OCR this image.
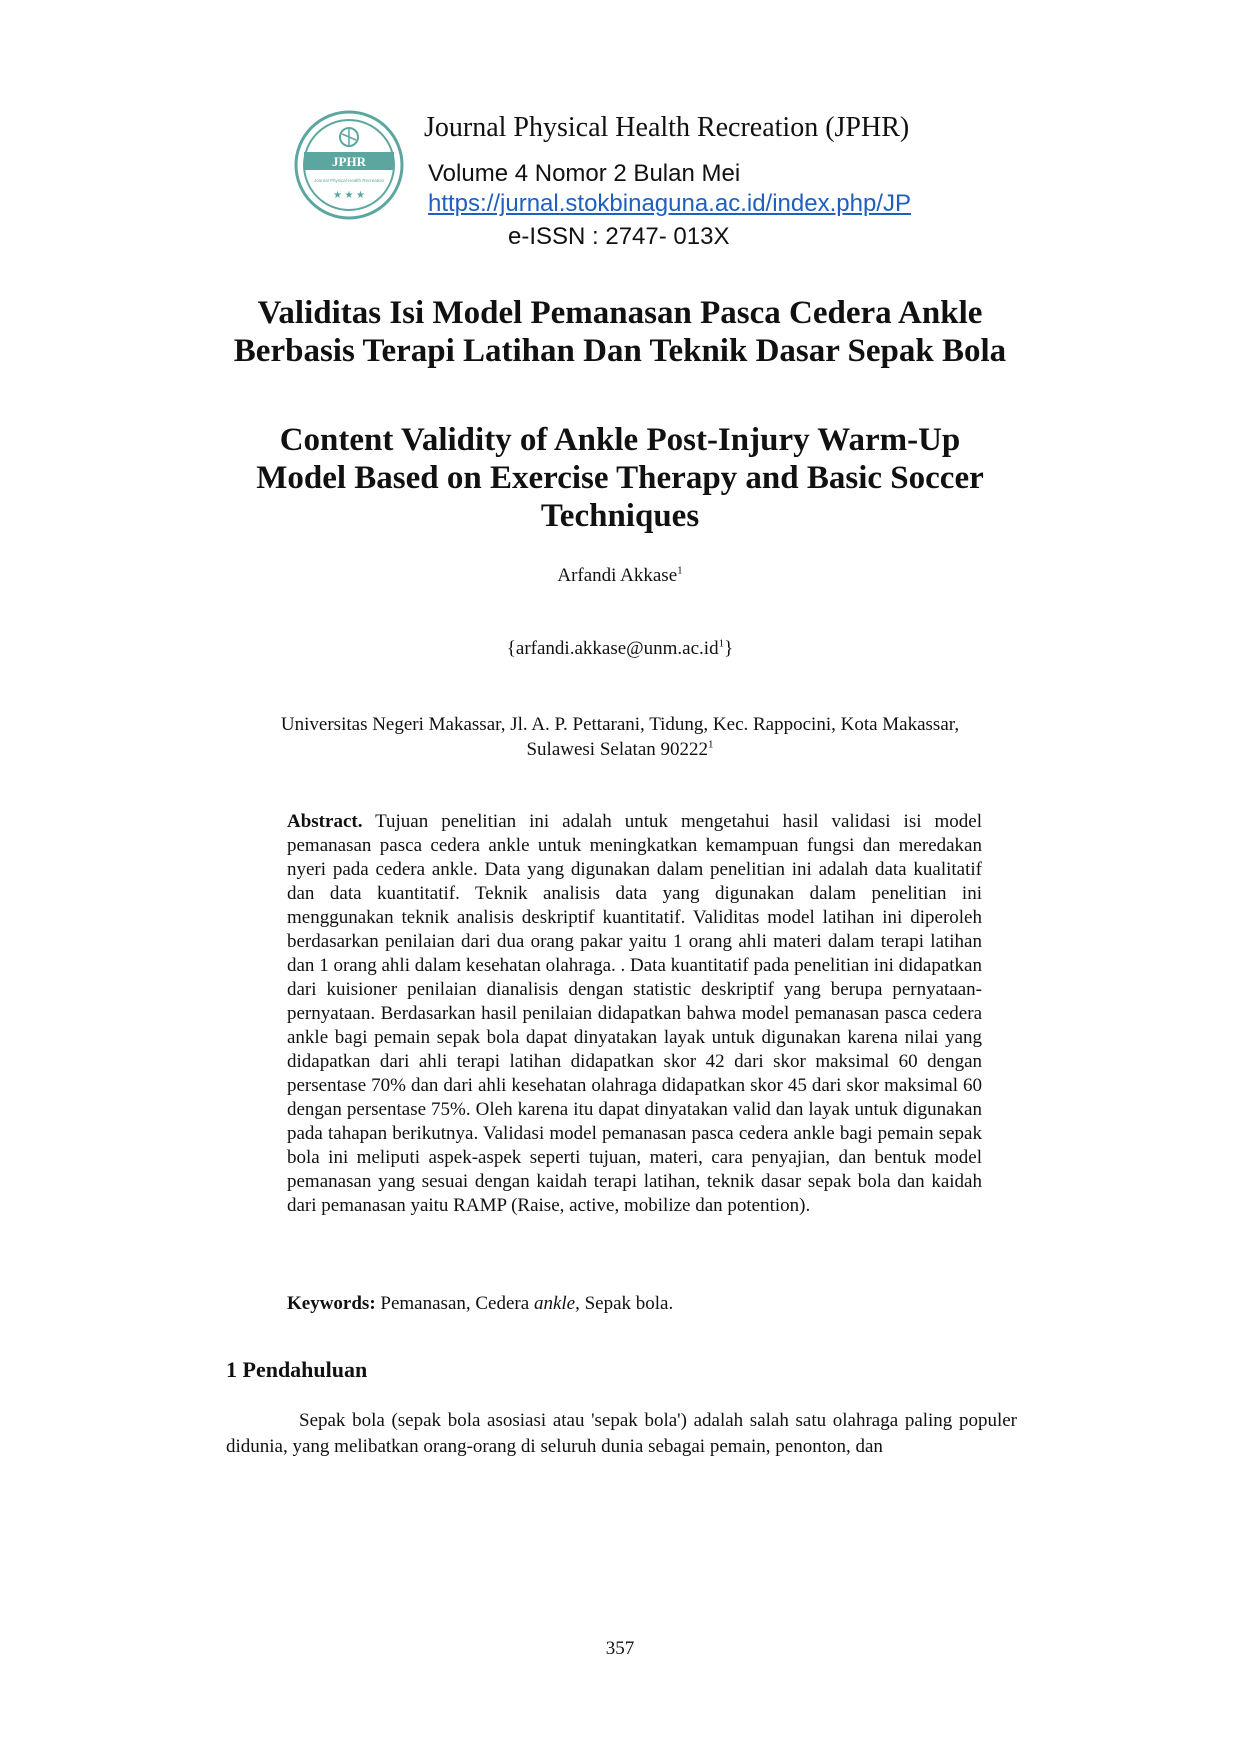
JPHR
Journal Physical Health Recreation
★ ★ ★
Journal Physical Health Recreation (JPHR)
Volume 4 Nomor 2 Bulan Mei
https://jurnal.stokbinaguna.ac.id/index.php/JP
e-ISSN : 2747- 013X
Validitas Isi Model Pemanasan Pasca Cedera Ankle
Berbasis Terapi Latihan Dan Teknik Dasar Sepak Bola
Content Validity of Ankle Post-Injury Warm-Up
Model Based on Exercise Therapy and Basic Soccer
Techniques
Arfandi Akkase$^1$
$\{arfandi.akkase@unm.ac.id^1\}$
Universitas Negeri Makassar, Jl. A. P. Pettarani, Tidung, Kec. Rappocini, Kota Makassar,
Sulawesi Selatan 90222$^1$
Abstract. Tujuan penelitian ini adalah untuk mengetahui hasil validasi isi model pemanasan pasca cedera ankle untuk meningkatkan kemampuan fungsi dan meredakan nyeri pada cedera ankle. Data yang digunakan dalam penelitian ini adalah data kualitatif dan data kuantitatif. Teknik analisis data yang digunakan dalam penelitian ini menggunakan teknik analisis deskriptif kuantitatif. Validitas model latihan ini diperoleh berdasarkan penilaian dari dua orang pakar yaitu 1 orang ahli materi dalam terapi latihan dan 1 orang ahli dalam kesehatan olahraga. . Data kuantitatif pada penelitian ini didapatkan dari kuisioner penilaian dianalisis dengan statistic deskriptif yang berupa pernyataan-pernyataan. Berdasarkan hasil penilaian didapatkan bahwa model pemanasan pasca cedera ankle bagi pemain sepak bola dapat dinyatakan layak untuk digunakan karena nilai yang didapatkan dari ahli terapi latihan didapatkan skor 42 dari skor maksimal 60 dengan persentase 70% dan dari ahli kesehatan olahraga didapatkan skor 45 dari skor maksimal 60 dengan persentase 75%. Oleh karena itu dapat dinyatakan valid dan layak untuk digunakan pada tahapan berikutnya. Validasi model pemanasan pasca cedera ankle bagi pemain sepak bola ini meliputi aspek-aspek seperti tujuan, materi, cara penyajian, dan bentuk model pemanasan yang sesuai dengan kaidah terapi latihan, teknik dasar sepak bola dan kaidah dari pemanasan yaitu RAMP (Raise, active, mobilize dan potention).
Keywords: Pemanasan, Cedera ankle, Sepak bola.
1 Pendahuluan
Sepak bola (sepak bola asosiasi atau 'sepak bola') adalah salah satu olahraga paling populer didunia, yang melibatkan orang-orang di seluruh dunia sebagai pemain, penonton, dan
357
